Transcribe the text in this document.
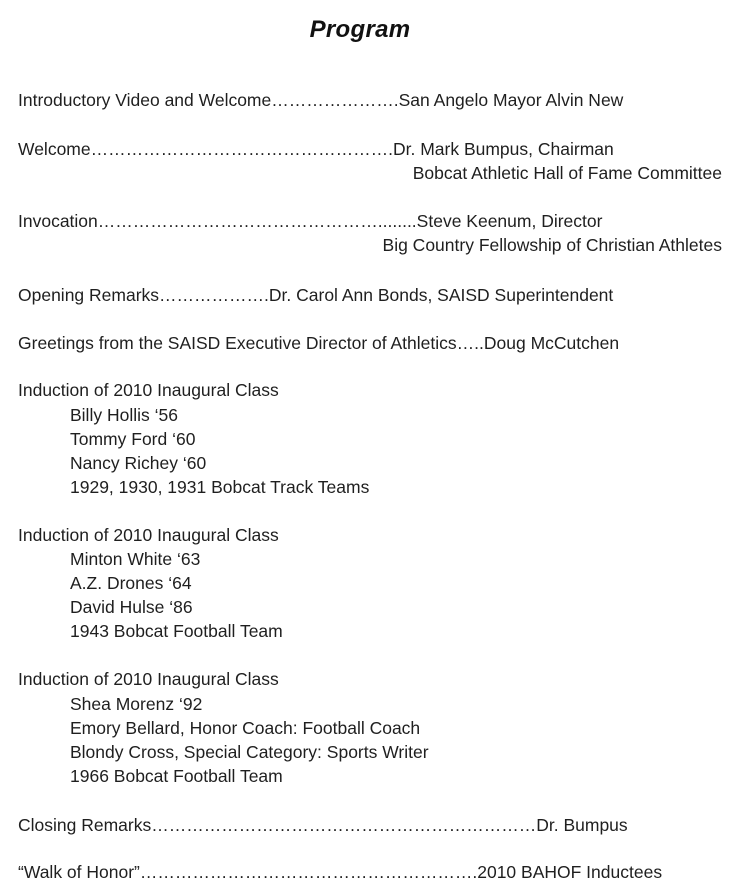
Program
Introductory Video and Welcome………………….San Angelo Mayor Alvin New
Welcome…………………………………………….Dr. Mark Bumpus, Chairman
Bobcat Athletic Hall of Fame Committee
Invocation…………………………………………........Steve Keenum, Director
Big Country Fellowship of Christian Athletes
Opening Remarks……………….Dr. Carol Ann Bonds, SAISD Superintendent
Greetings from the SAISD Executive Director of Athletics…..Doug McCutchen
Induction of 2010 Inaugural Class
Billy Hollis ‘56
Tommy Ford ‘60
Nancy Richey ‘60
1929, 1930, 1931 Bobcat Track Teams
Induction of 2010 Inaugural Class
Minton White ‘63
A.Z. Drones ‘64
David Hulse ‘86
1943 Bobcat Football Team
Induction of 2010 Inaugural Class
Shea Morenz ‘92
Emory Bellard, Honor Coach: Football Coach
Blondy Cross, Special Category: Sports Writer
1966 Bobcat Football Team
Closing Remarks…………………………………………………………Dr. Bumpus
“Walk of Honor”………………………………………………….2010 BAHOF Inductees
